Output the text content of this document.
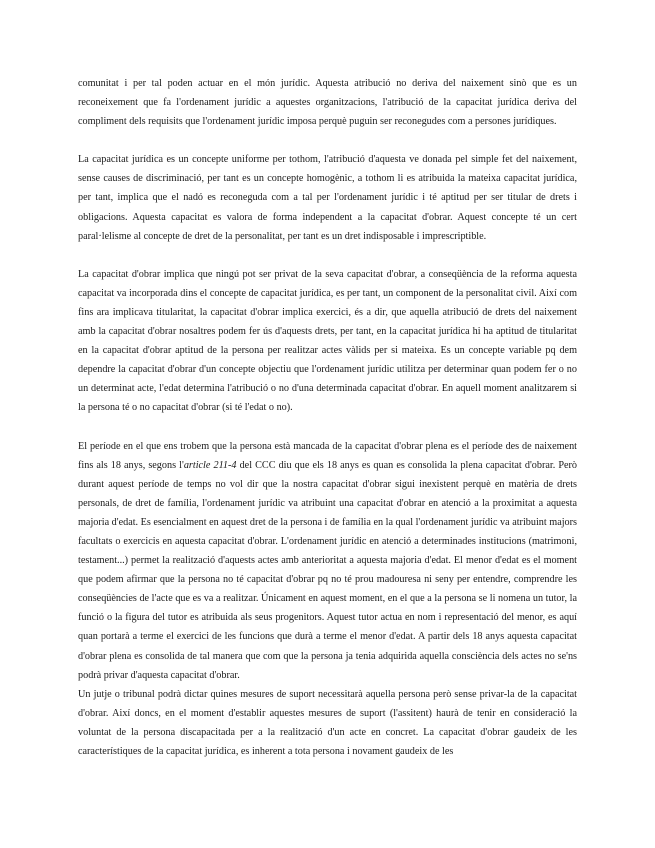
comunitat i per tal poden actuar en el món jurídic. Aquesta atribució no deriva del naixement sinò que es un reconeixement que fa l'ordenament jurídic a aquestes organitzacions, l'atribució de la capacitat jurídica deriva del compliment dels requisits que l'ordenament jurídic imposa perquè puguin ser reconegudes com a persones jurídiques.

La capacitat jurídica es un concepte uniforme per tothom, l'atribució d'aquesta ve donada pel simple fet del naixement, sense causes de discriminació, per tant es un concepte homogènic, a tothom li es atribuida la mateixa capacitat jurídica, per tant, implica que el nadó es reconeguda com a tal per l'ordenament jurídic i té aptitud per ser titular de drets i obligacions. Aquesta capacitat es valora de forma independent a la capacitat d'obrar. Aquest concepte té un cert paral·lelisme al concepte de dret de la personalitat, per tant es un dret indisposable i imprescriptible.

La capacitat d'obrar implica que ningú pot ser privat de la seva capacitat d'obrar, a conseqüència de la reforma aquesta capacitat va incorporada dins el concepte de capacitat jurídica, es per tant, un component de la personalitat civil. Així com fins ara implicava titularitat, la capacitat d'obrar implica exercici, és a dir, que aquella atribució de drets del naixement amb la capacitat d'obrar nosaltres podem fer ús d'aquests drets, per tant, en la capacitat jurídica hi ha aptitud de titularitat en la capacitat d'obrar aptitud de la persona per realitzar actes vàlids per si mateixa. Es un concepte variable pq dem dependre la capacitat d'obrar d'un concepte objectiu que l'ordenament jurídic utilitza per determinar quan podem fer o no un determinat acte, l'edat determina l'atribució o no d'una determinada capacitat d'obrar. En aquell moment analitzarem si la persona té o no capacitat d'obrar (si té l'edat o no).

El període en el que ens trobem que la persona està mancada de la capacitat d'obrar plena es el període des de naixement fins als 18 anys, segons l'article 211-4 del CCC diu que els 18 anys es quan es consolida la plena capacitat d'obrar. Però durant aquest període de temps no vol dir que la nostra capacitat d'obrar sigui inexistent perquè en matèria de drets personals, de dret de família, l'ordenament jurídic va atribuint una capacitat d'obrar en atenció a la proximitat a aquesta majoria d'edat. Es esencialment en aquest dret de la persona i de família en la qual l'ordenament jurídic va atribuint majors facultats o exercicis en aquesta capacitat d'obrar. L'ordenament jurídic en atenció a determinades institucions (matrimoni, testament...) permet la realització d'aquests actes amb anterioritat a aquesta majoria d'edat. El menor d'edat es el moment que podem afirmar que la persona no té capacitat d'obrar pq no té prou madouresa ni seny per entendre, comprendre les conseqüències de l'acte que es va a realitzar. Únicament en aquest moment, en el que a la persona se li nomena un tutor, la funció o la figura del tutor es atribuida als seus progenitors. Aquest tutor actua en nom i representació del menor, es aquí quan portarà a terme el exercici de les funcions que durà a terme el menor d'edat. A partir dels 18 anys aquesta capacitat d'obrar plena es consolida de tal manera que com que la persona ja tenia adquirida aquella consciència dels actes no se'ns podrà privar d'aquesta capacitat d'obrar.

Un jutje o tribunal podrà dictar quines mesures de suport necessitarà aquella persona però sense privar-la de la capacitat d'obrar. Així doncs, en el moment d'establir aquestes mesures de suport (l'assitent) haurà de tenir en consideració la voluntat de la persona discapacitada per a la realització d'un acte en concret. La capacitat d'obrar gaudeix de les característiques de la capacitat jurídica, es inherent a tota persona i novament gaudeix de les
